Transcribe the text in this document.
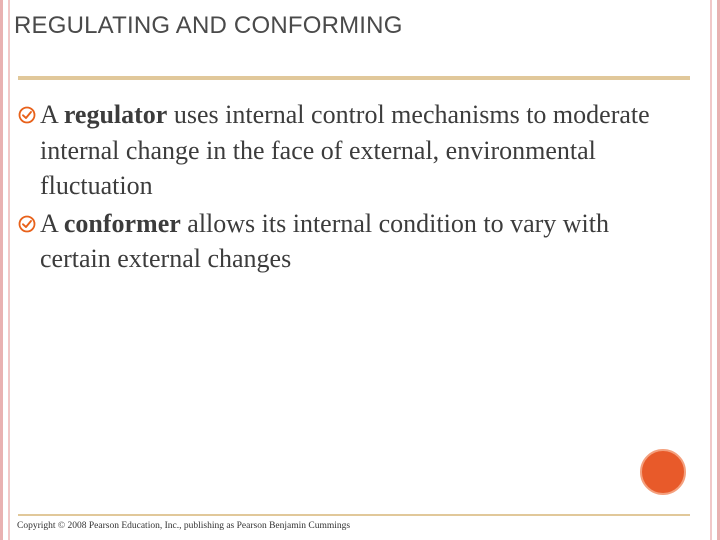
REGULATING AND CONFORMING

A regulator uses internal control mechanisms to moderate internal change in the face of external, environmental fluctuation

A conformer allows its internal condition to vary with certain external changes

Copyright © 2008 Pearson Education, Inc., publishing as Pearson Benjamin Cummings
